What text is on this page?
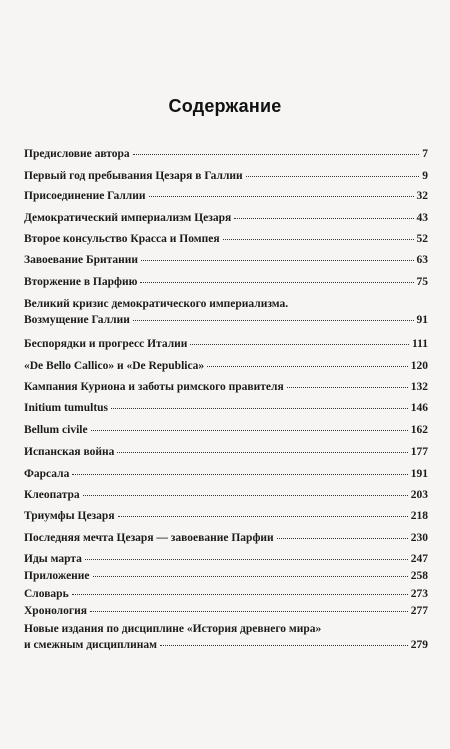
Содержание
Предисловие автора	7
Первый год пребывания Цезаря в Галлии	9
Присоединение Галлии	32
Демократический империализм Цезаря	43
Второе консульство Красса и Помпея	52
Завоевание Британии	63
Вторжение в Парфию	75
Великий кризис демократического империализма.
Возмущение Галлии	91
Беспорядки и прогресс Италии	111
«De Bello Callico» и «De Republica»	120
Кампания Куриона и заботы римского правителя	132
Initium tumultus	146
Bellum civile	162
Испанская война	177
Фарсала	191
Клеопатра	203
Триумфы Цезаря	218
Последняя мечта Цезаря — завоевание Парфии	230
Иды марта	247
Приложение	258
Словарь	273
Хронология	277
Новые издания по дисциплине «История древнего мира»
и смежным дисциплинам	279
